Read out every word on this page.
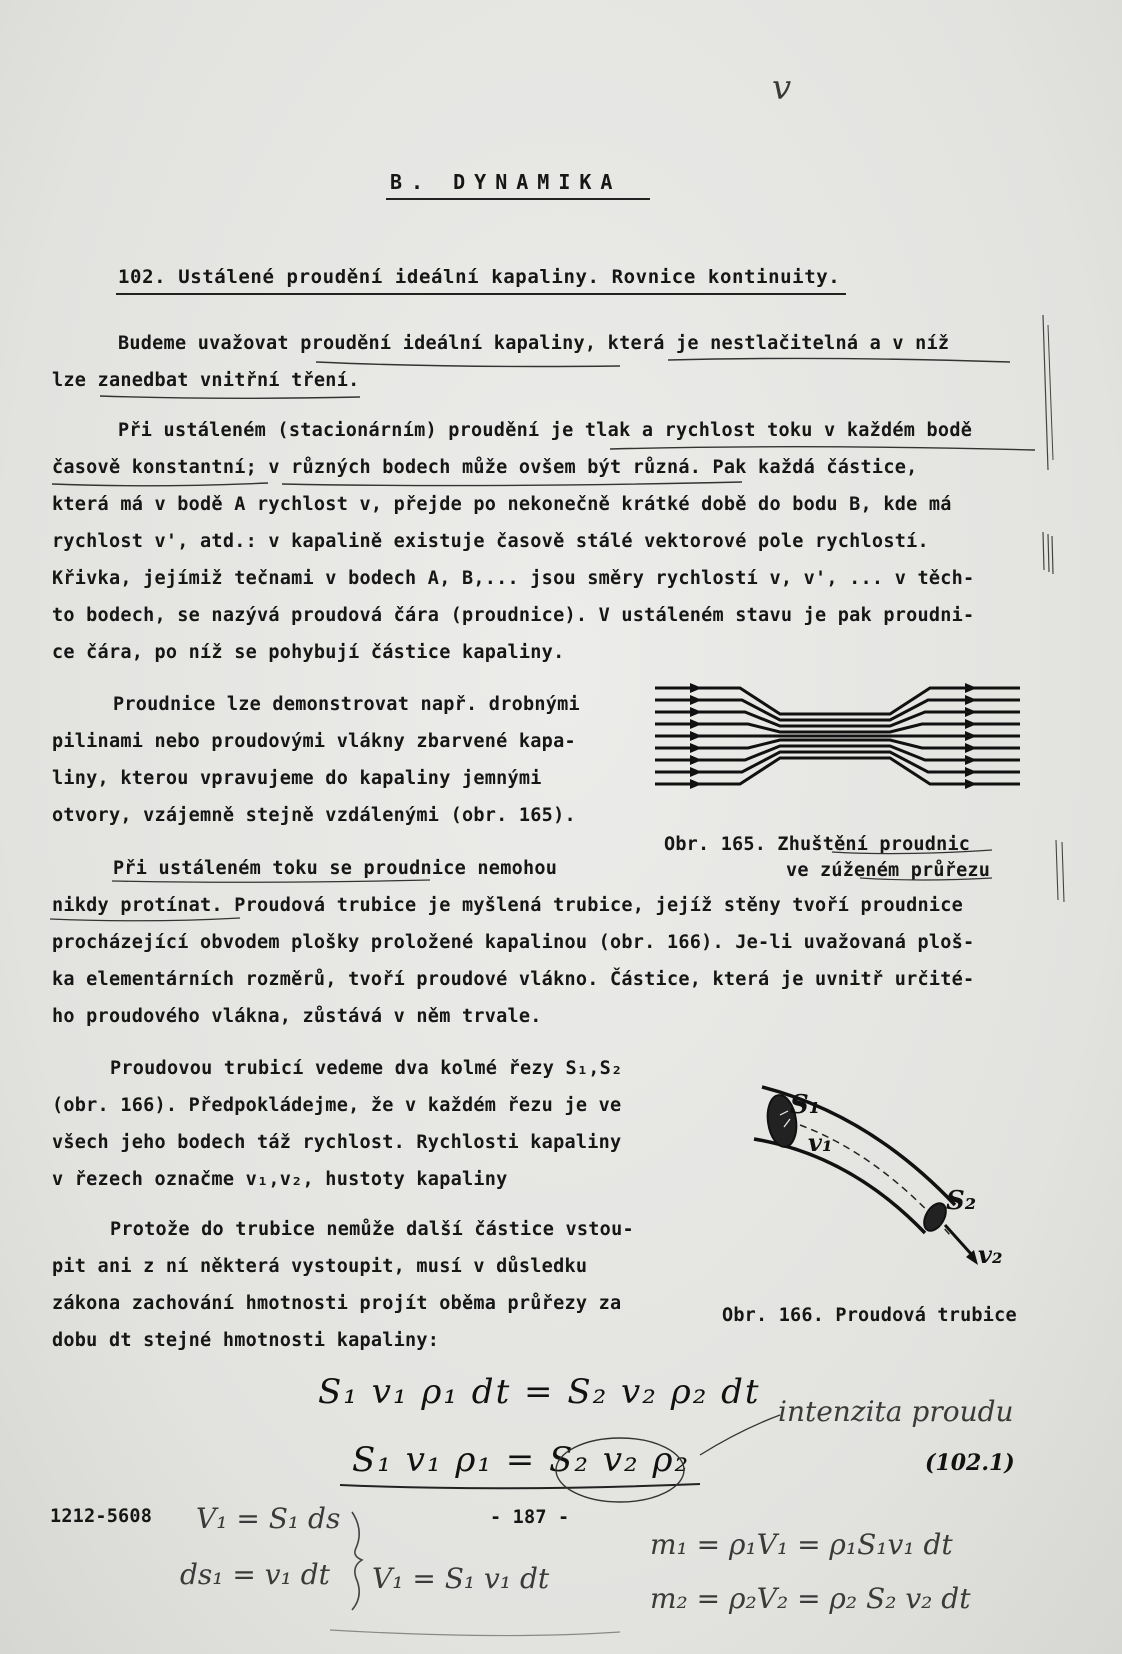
B. DYNAMIKA
v
102. Ustálené proudění ideální kapaliny. Rovnice kontinuity.
Budeme uvažovat proudění ideální kapaliny, která je nestlačitelná a v níž
lze zanedbat vnitřní tření.
Při ustáleném (stacionárním) proudění je tlak a rychlost toku v každém bodě
časově konstantní; v různých bodech může ovšem být různá. Pak každá částice,
která má v bodě A rychlost v, přejde po nekonečně krátké době do bodu B, kde má
rychlost v', atd.: v kapalině existuje časově stálé vektorové pole rychlostí.
Křivka, jejímiž tečnami v bodech A, B,... jsou směry rychlostí v, v', ... v těch-
to bodech, se nazývá proudová čára (proudnice). V ustáleném stavu je pak proudni-
ce čára, po níž se pohybují částice kapaliny.
Proudnice lze demonstrovat např. drobnými
pilinami nebo proudovými vlákny zbarvené kapa-
liny, kterou vpravujeme do kapaliny jemnými
otvory, vzájemně stejně vzdálenými (obr. 165).
Obr. 165. Zhuštění proudnic
ve zúženém průřezu
Při ustáleném toku se proudnice nemohou
nikdy protínat. Proudová trubice je myšlená trubice, jejíž stěny tvoří proudnice
procházející obvodem plošky proložené kapalinou (obr. 166). Je-li uvažovaná ploš-
ka elementárních rozměrů, tvoří proudové vlákno. Částice, která je uvnitř určité-
ho proudového vlákna, zůstává v něm trvale.
Proudovou trubicí vedeme dva kolmé řezy S₁,S₂
(obr. 166). Předpokládejme, že v každém řezu je ve
všech jeho bodech táž rychlost. Rychlosti kapaliny
v řezech označme v₁,v₂, hustoty kapaliny
Protože do trubice nemůže další částice vstou-
pit ani z ní některá vystoupit, musí v důsledku
zákona zachování hmotnosti projít oběma průřezy za
dobu dt stejné hmotnosti kapaliny:
S₁
v₁
S₂
v₂
Obr. 166. Proudová trubice
S₁ v₁ ρ₁ dt = S₂ v₂ ρ₂ dt
S₁ v₁ ρ₁ = S₂ v₂ ρ₂	(102.1)
intenzita proudu
1212-5608	- 187 -
V₁ = S₁ ds
ds₁ = v₁ dt V₁ = S₁ v₁ dt
m₁ = ρ₁V₁ = ρ₁S₁v₁ dt
m₂ = ρ₂V₂ = ρ₂ S₂ v₂ dt
